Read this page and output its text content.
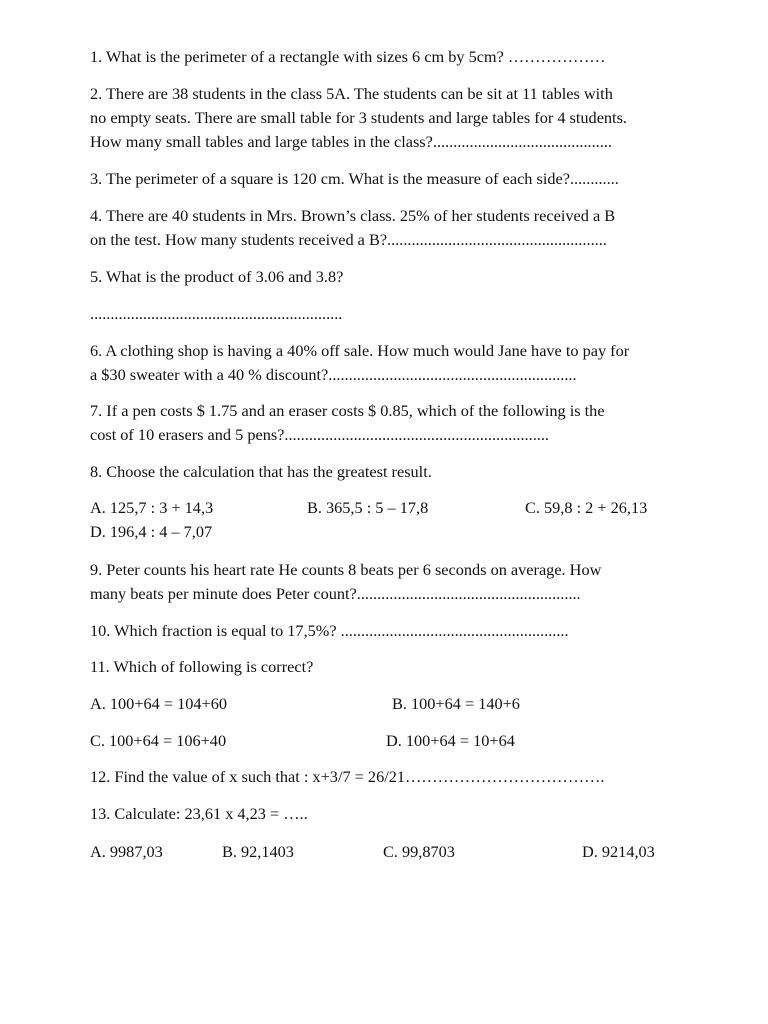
1. What is the perimeter of a rectangle with sizes 6 cm by 5cm? ………………
2. There are 38 students in the class 5A. The students can be sit at 11 tables with
no empty seats. There are small table for 3 students and large tables for 4 students.
How many small tables and large tables in the class?............................................
3. The perimeter of a square is 120 cm. What is the measure of each side?............
4. There are 40 students in Mrs. Brown’s class. 25% of her students received a B
on the test. How many students received a B?......................................................
5. What is the product of 3.06 and 3.8?
..............................................................
6. A clothing shop is having a 40% off sale. How much would Jane have to pay for
a $30 sweater with a 40 % discount?.............................................................
7. If a pen costs $ 1.75 and an eraser costs $ 0.85, which of the following is the
cost of 10 erasers and 5 pens?.................................................................
8. Choose the calculation that has the greatest result.
A. 125,7 : 3 + 14,3	B. 365,5 : 5 – 17,8	C. 59,8 : 2 + 26,13
D. 196,4 : 4 – 7,07
9. Peter counts his heart rate He counts 8 beats per 6 seconds on average. How
many beats per minute does Peter count?.......................................................
10. Which fraction is equal to 17,5%? ........................................................
11. Which of following is correct?
A. 100+64 = 104+60	B. 100+64 = 140+6
C. 100+64 = 106+40	D. 100+64 = 10+64
12. Find the value of x such that : x+3/7 = 26/21……………………………….
13. Calculate: 23,61 x 4,23 = …..
A. 9987,03	B. 92,1403	C. 99,8703	D. 9214,03
